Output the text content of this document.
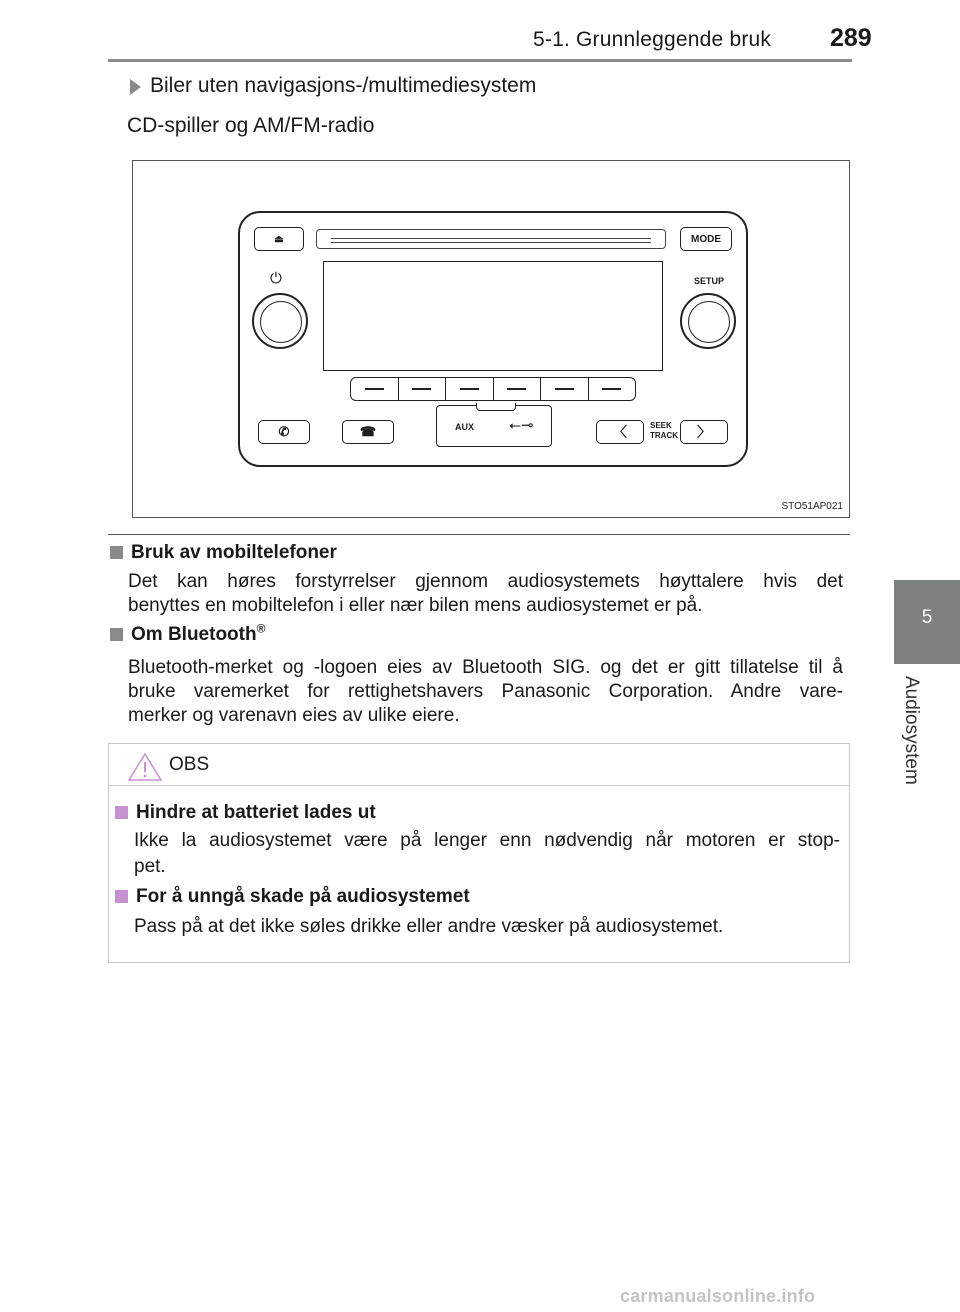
5-1. Grunnleggende bruk 289
5
Audiosystem
Biler uten navigasjons-/multimediesystem
CD-spiller og AM/FM-radio
⏏	MODE
⏻	SETUP
✆	☎	AUX ⭠⊸	〈	SEEK
TRACK	〉
STO51AP021
Bruk av mobiltelefoner
Det kan høres forstyrrelser gjennom audiosystemets høyttalere hvis det
benyttes en mobiltelefon i eller nær bilen mens audiosystemet er på.
Om Bluetooth®
Bluetooth-merket og -logoen eies av Bluetooth SIG. og det er gitt tillatelse til å
bruke varemerket for rettighetshavers Panasonic Corporation. Andre vare-
merker og varenavn eies av ulike eiere.
OBS
Hindre at batteriet lades ut
Ikke la audiosystemet være på lenger enn nødvendig når motoren er stop-
pet.
For å unngå skade på audiosystemet
Pass på at det ikke søles drikke eller andre væsker på audiosystemet.
carmanualsonline.info
